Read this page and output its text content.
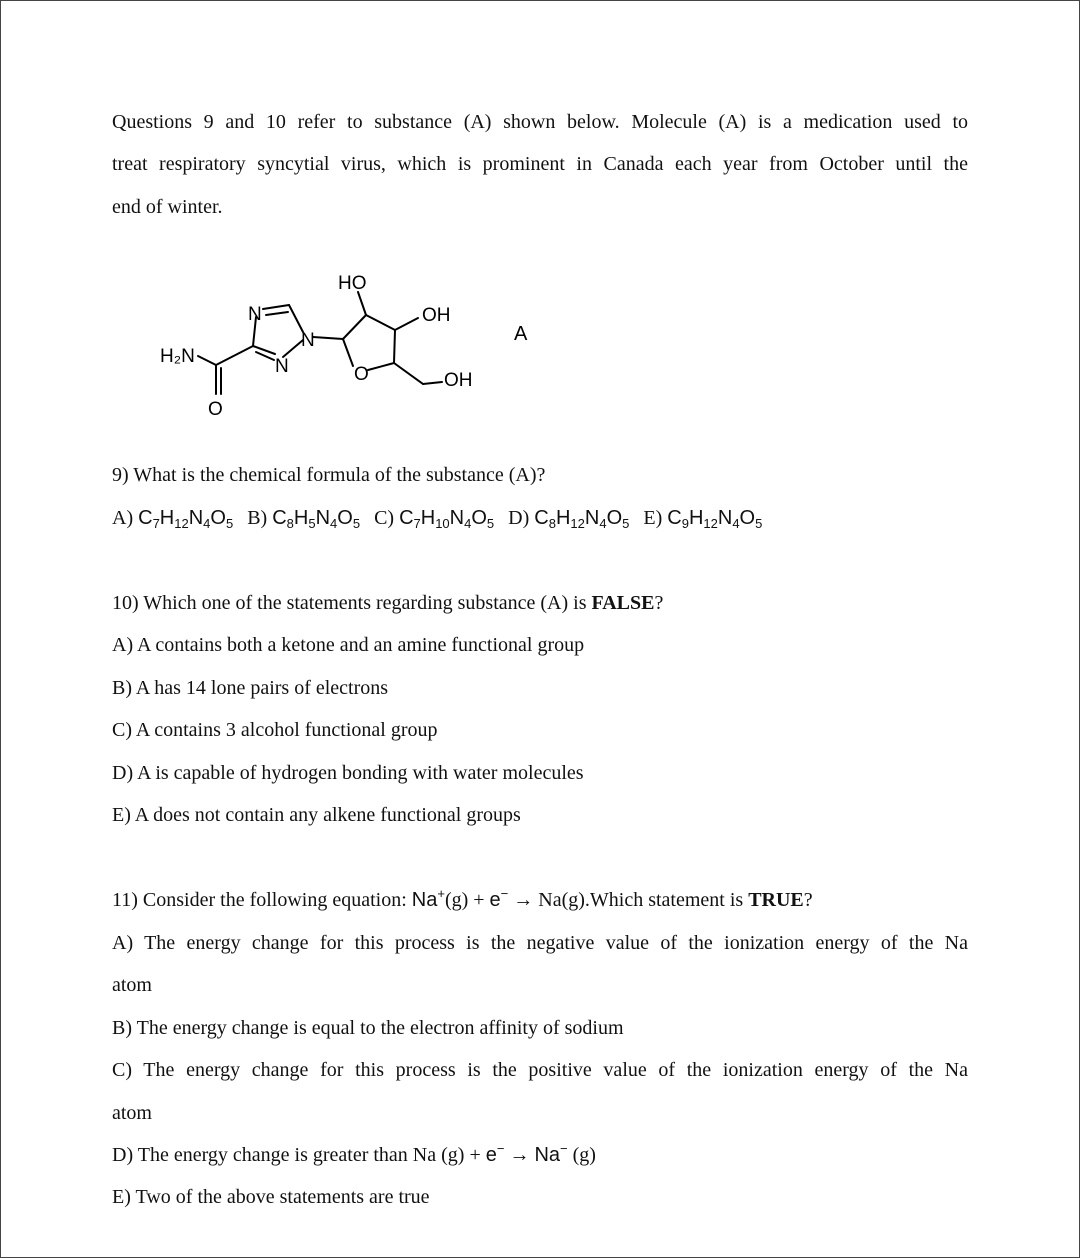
Questions 9 and 10 refer to substance (A) shown below. Molecule (A) is a medication used to
treat respiratory syncytial virus, which is prominent in Canada each year from October until the
end of winter.
H₂N
O
N
N
N	O
HO
OH
OH
A
9) What is the chemical formula of the substance (A)?
A) $C_7H_{12}N_4O_5$ B) $C_8H_5N_4O_5$ C) $C_7H_{10}N_4O_5$ D) $C_8H_{12}N_4O_5$ E) $C_9H_{12}N_4O_5$
10) Which one of the statements regarding substance (A) is FALSE?
A) A contains both a ketone and an amine functional group
B) A has 14 lone pairs of electrons
C) A contains 3 alcohol functional group
D) A is capable of hydrogen bonding with water molecules
E) A does not contain any alkene functional groups
11) Consider the following equation: Na+(g) + e− → Na(g).Which statement is TRUE?
A) The energy change for this process is the negative value of the ionization energy of the Na
atom
B) The energy change is equal to the electron affinity of sodium
C) The energy change for this process is the positive value of the ionization energy of the Na
atom
D) The energy change is greater than Na (g) + e− → Na− (g)
E) Two of the above statements are true
